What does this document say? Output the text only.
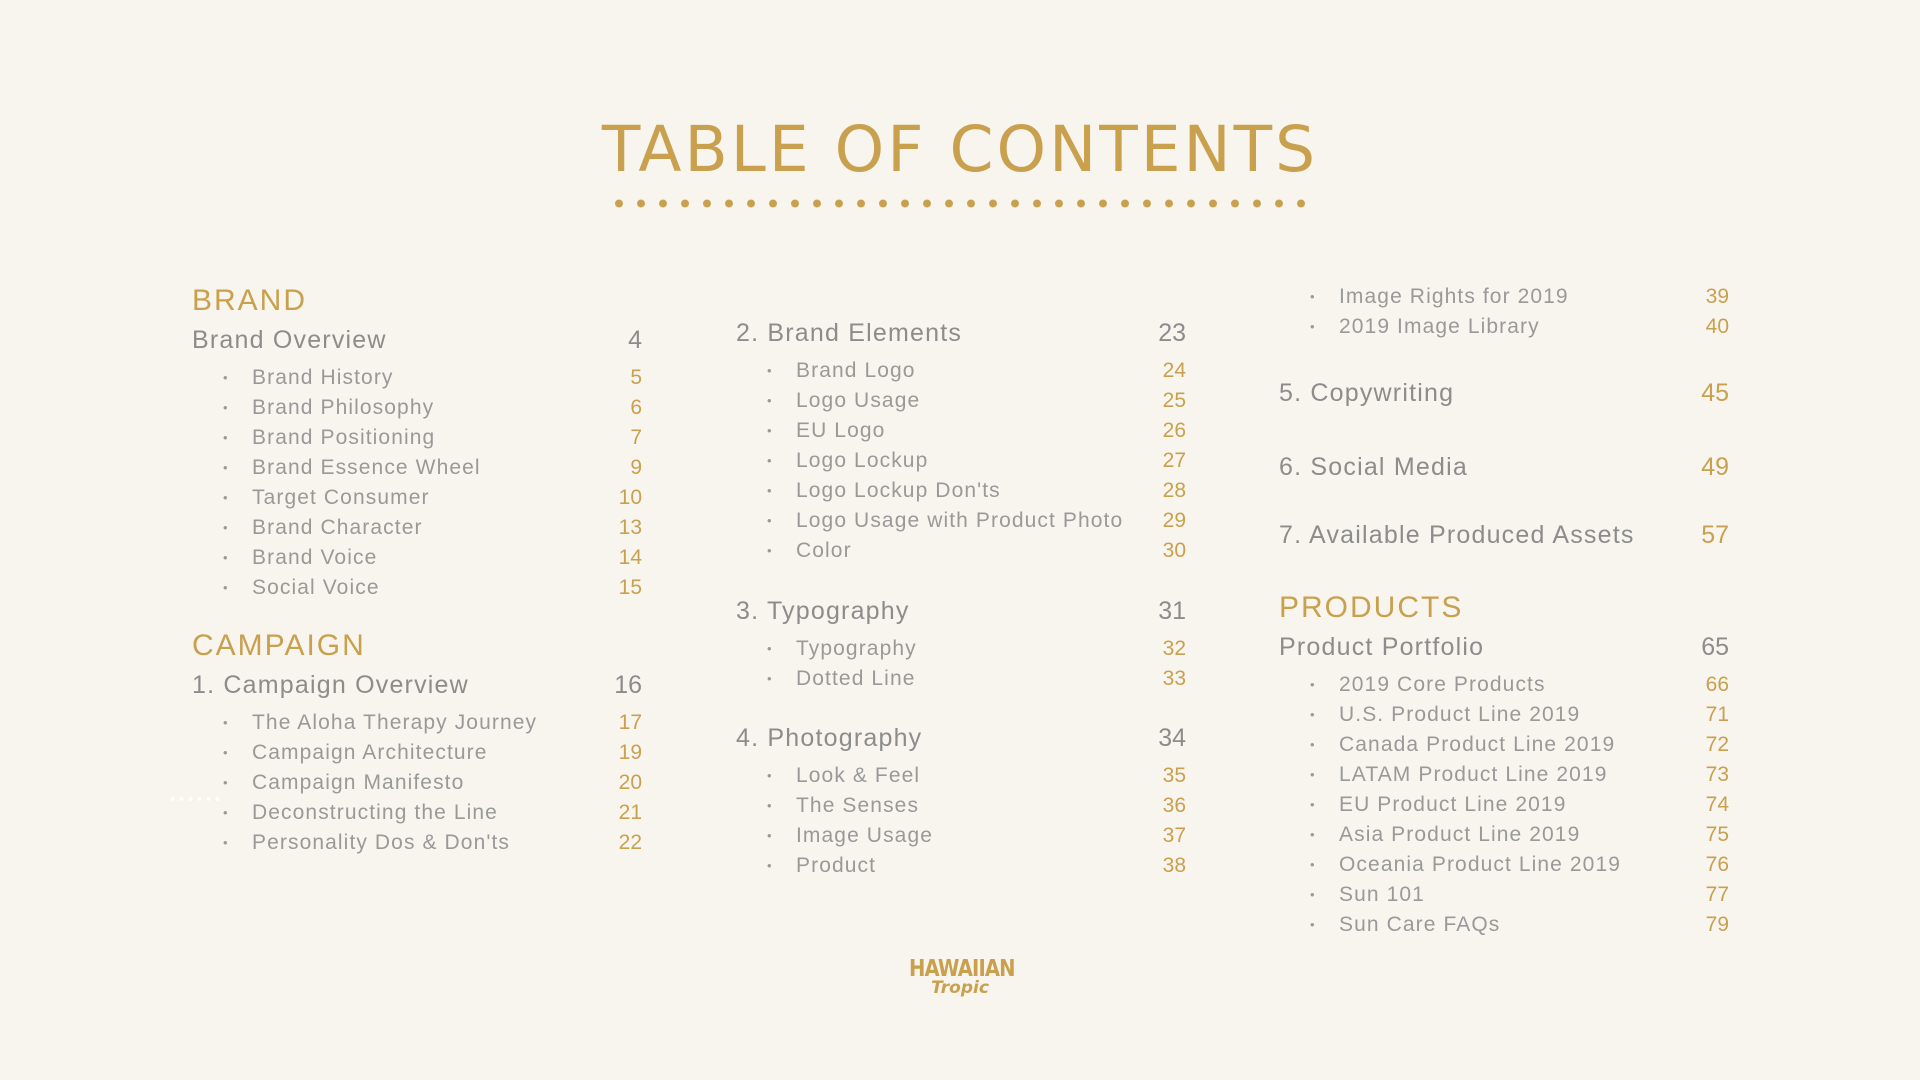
TABLE OF CONTENTS
BRAND
Brand Overview	4
• Brand History	5
• Brand Philosophy	6
• Brand Positioning	7
• Brand Essence Wheel	9
• Target Consumer	10
• Brand Character	13
• Brand Voice	14
• Social Voice	15
CAMPAIGN
1. Campaign Overview	16
• The Aloha Therapy Journey	17
• Campaign Architecture	19
• Campaign Manifesto	20
• Deconstructing the Line	21
• Personality Dos & Don'ts	22
2. Brand Elements	23
• Brand Logo	24
• Logo Usage	25
• EU Logo	26
• Logo Lockup	27
• Logo Lockup Don'ts	28
• Logo Usage with Product Photo 29
• Color	30
3. Typography	31
• Typography	32
• Dotted Line	33
4. Photography	34
• Look & Feel	35
• The Senses	36
• Image Usage	37
• Product	38
• Image Rights for 2019	39
• 2019 Image Library	40
5. Copywriting	45
6. Social Media	49
7. Available Produced Assets	57
PRODUCTS
Product Portfolio	65
• 2019 Core Products	66
• U.S. Product Line 2019	71
• Canada Product Line 2019	72
• LATAM Product Line 2019	73
• EU Product Line 2019	74
• Asia Product Line 2019	75
• Oceania Product Line 2019	76
• Sun 101	77
• Sun Care FAQs	79
HAWAIIAN
Tropic
